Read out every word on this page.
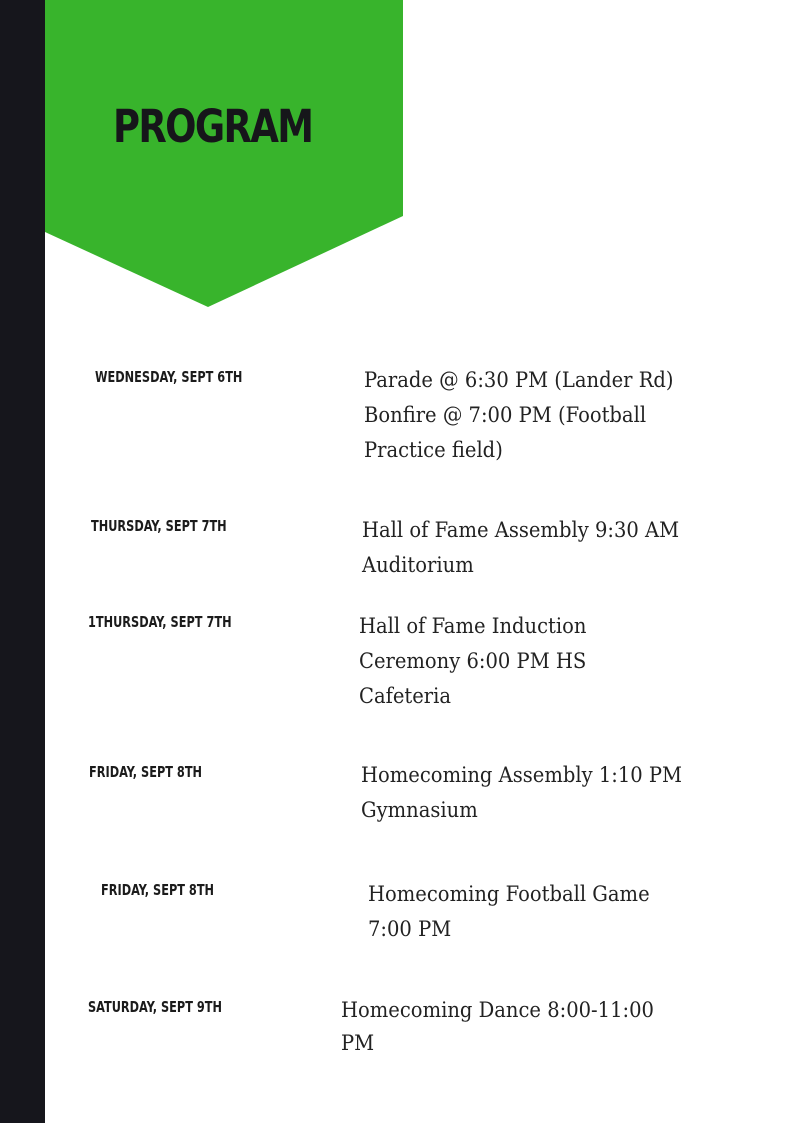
PROGRAM

WEDNESDAY, SEPT 6TH	Parade @ 6:30 PM (Lander Rd)
Bonfire @ 7:00 PM (Football
Practice field)

THURSDAY, SEPT 7TH	Hall of Fame Assembly 9:30 AM
Auditorium

1THURSDAY, SEPT 7TH	Hall of Fame Induction
Ceremony 6:00 PM HS
Cafeteria

FRIDAY, SEPT 8TH	Homecoming Assembly 1:10 PM
Gymnasium

FRIDAY, SEPT 8TH	Homecoming Football Game
7:00 PM

SATURDAY, SEPT 9TH	Homecoming Dance 8:00-11:00
PM
